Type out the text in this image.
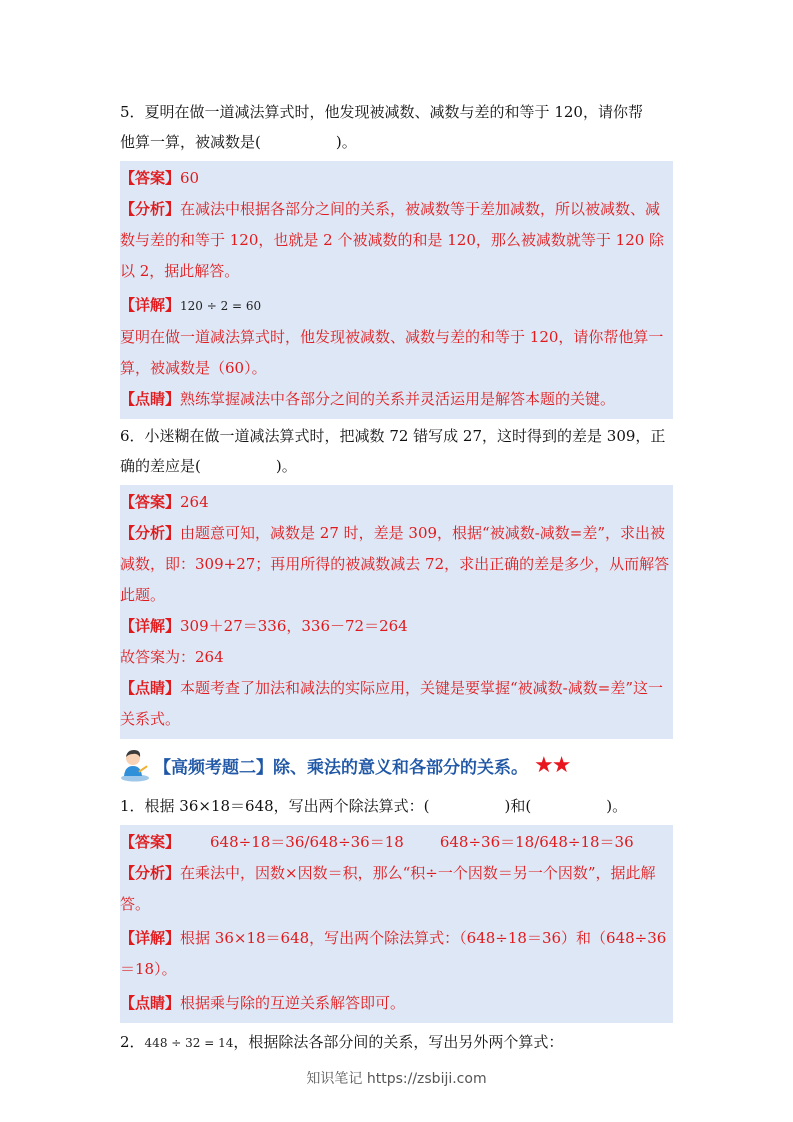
5．夏明在做一道减法算式时，他发现被减数、减数与差的和等于 120，请你帮
他算一算，被减数是(　　　　　)。

【答案】60

【分析】在减法中根据各部分之间的关系，被减数等于差加减数，所以被减数、减数与差的和等于 120，也就是 2 个被减数的和是 120，那么被减数就等于 120 除以 2，据此解答。

【详解】120 ÷ 2 = 60

夏明在做一道减法算式时，他发现被减数、减数与差的和等于 120，请你帮他算一算，被减数是（60）。

【点睛】熟练掌握减法中各部分之间的关系并灵活运用是解答本题的关键。

6．小迷糊在做一道减法算式时，把减数 72 错写成 27，这时得到的差是 309，正
确的差应是(　　　　　)。

【答案】264

【分析】由题意可知，减数是 27 时，差是 309，根据“被减数-减数=差”，求出被减数，即：309+27；再用所得的被减数减去 72，求出正确的差是多少，从而解答此题。

【详解】309＋27＝336，336－72＝264

故答案为：264

【点睛】本题考查了加法和减法的实际应用，关键是要掌握“被减数-减数=差”这一关系式。

【高频考题二】除、乘法的意义和各部分的关系。 ★★
1．根据 36×18＝648，写出两个除法算式：(　　　　　)和(　　　　　)。

【答案】 648÷18＝36/648÷36＝18 648÷36＝18/648÷18＝36

【分析】在乘法中，因数×因数＝积，那么“积÷一个因数＝另一个因数”，据此解答。

【详解】根据 36×18＝648，写出两个除法算式：（648÷18＝36）和（648÷36＝18）。

【点睛】根据乘与除的互逆关系解答即可。

2．448 ÷ 32 = 14，根据除法各部分间的关系，写出另外两个算式：
知识笔记 https://zsbiji.com
